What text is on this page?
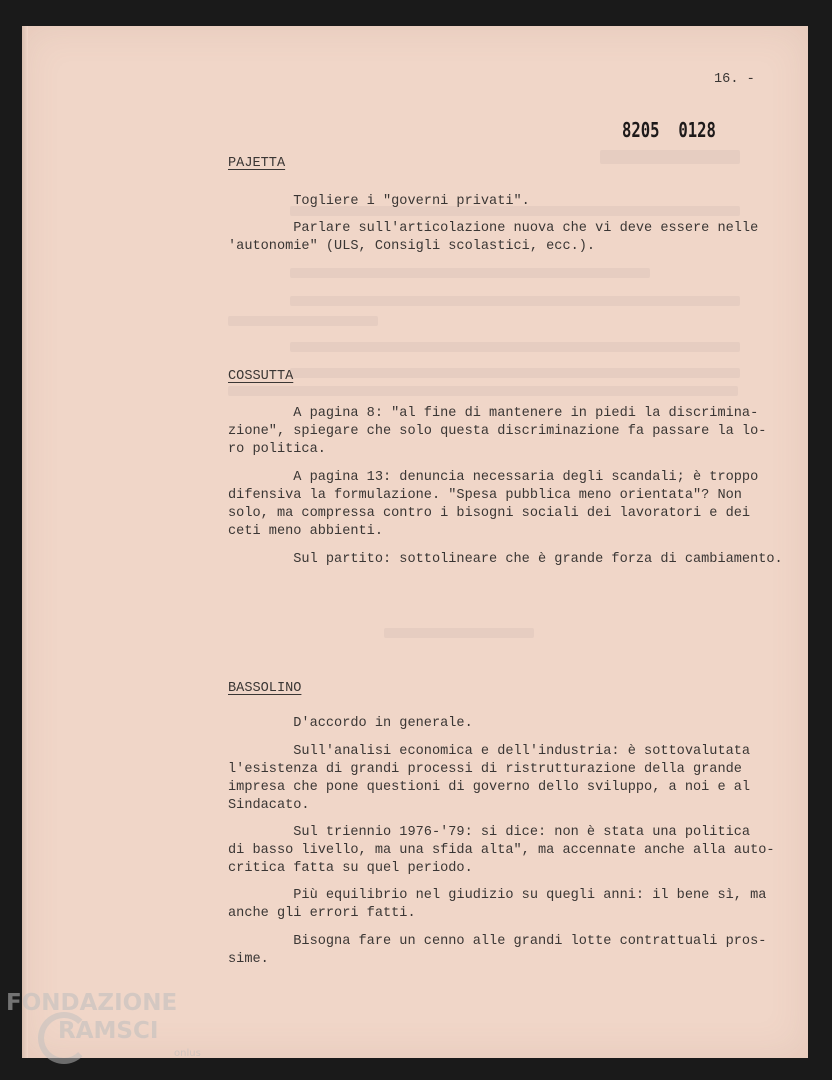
16. -
8205  0128
PAJETTA
Togliere i "governi privati".
Parlare sull'articolazione nuova che vi deve essere nelle
'autonomie" (ULS, Consigli scolastici, ecc.).
COSSUTTA
A pagina 8: "al fine di mantenere in piedi la discrimina-
zione", spiegare che solo questa discriminazione fa passare la lo-
ro politica.
A pagina 13: denuncia necessaria degli scandali; è troppo
difensiva la formulazione. "Spesa pubblica meno orientata"? Non
solo, ma compressa contro i bisogni sociali dei lavoratori e dei
ceti meno abbienti.
Sul partito: sottolineare che è grande forza di cambiamento.
BASSOLINO
D'accordo in generale.
Sull'analisi economica e dell'industria: è sottovalutata
l'esistenza di grandi processi di ristrutturazione della grande
impresa che pone questioni di governo dello sviluppo, a noi e al
Sindacato.
Sul triennio 1976-'79: si dice: non è stata una politica
di basso livello, ma una sfida alta", ma accennate anche alla auto-
critica fatta su quel periodo.
Più equilibrio nel giudizio su quegli anni: il bene sì, ma
anche gli errori fatti.
Bisogna fare un cenno alle grandi lotte contrattuali pros-
sime.
FONDAZIONE
RAMSCI
onlus
